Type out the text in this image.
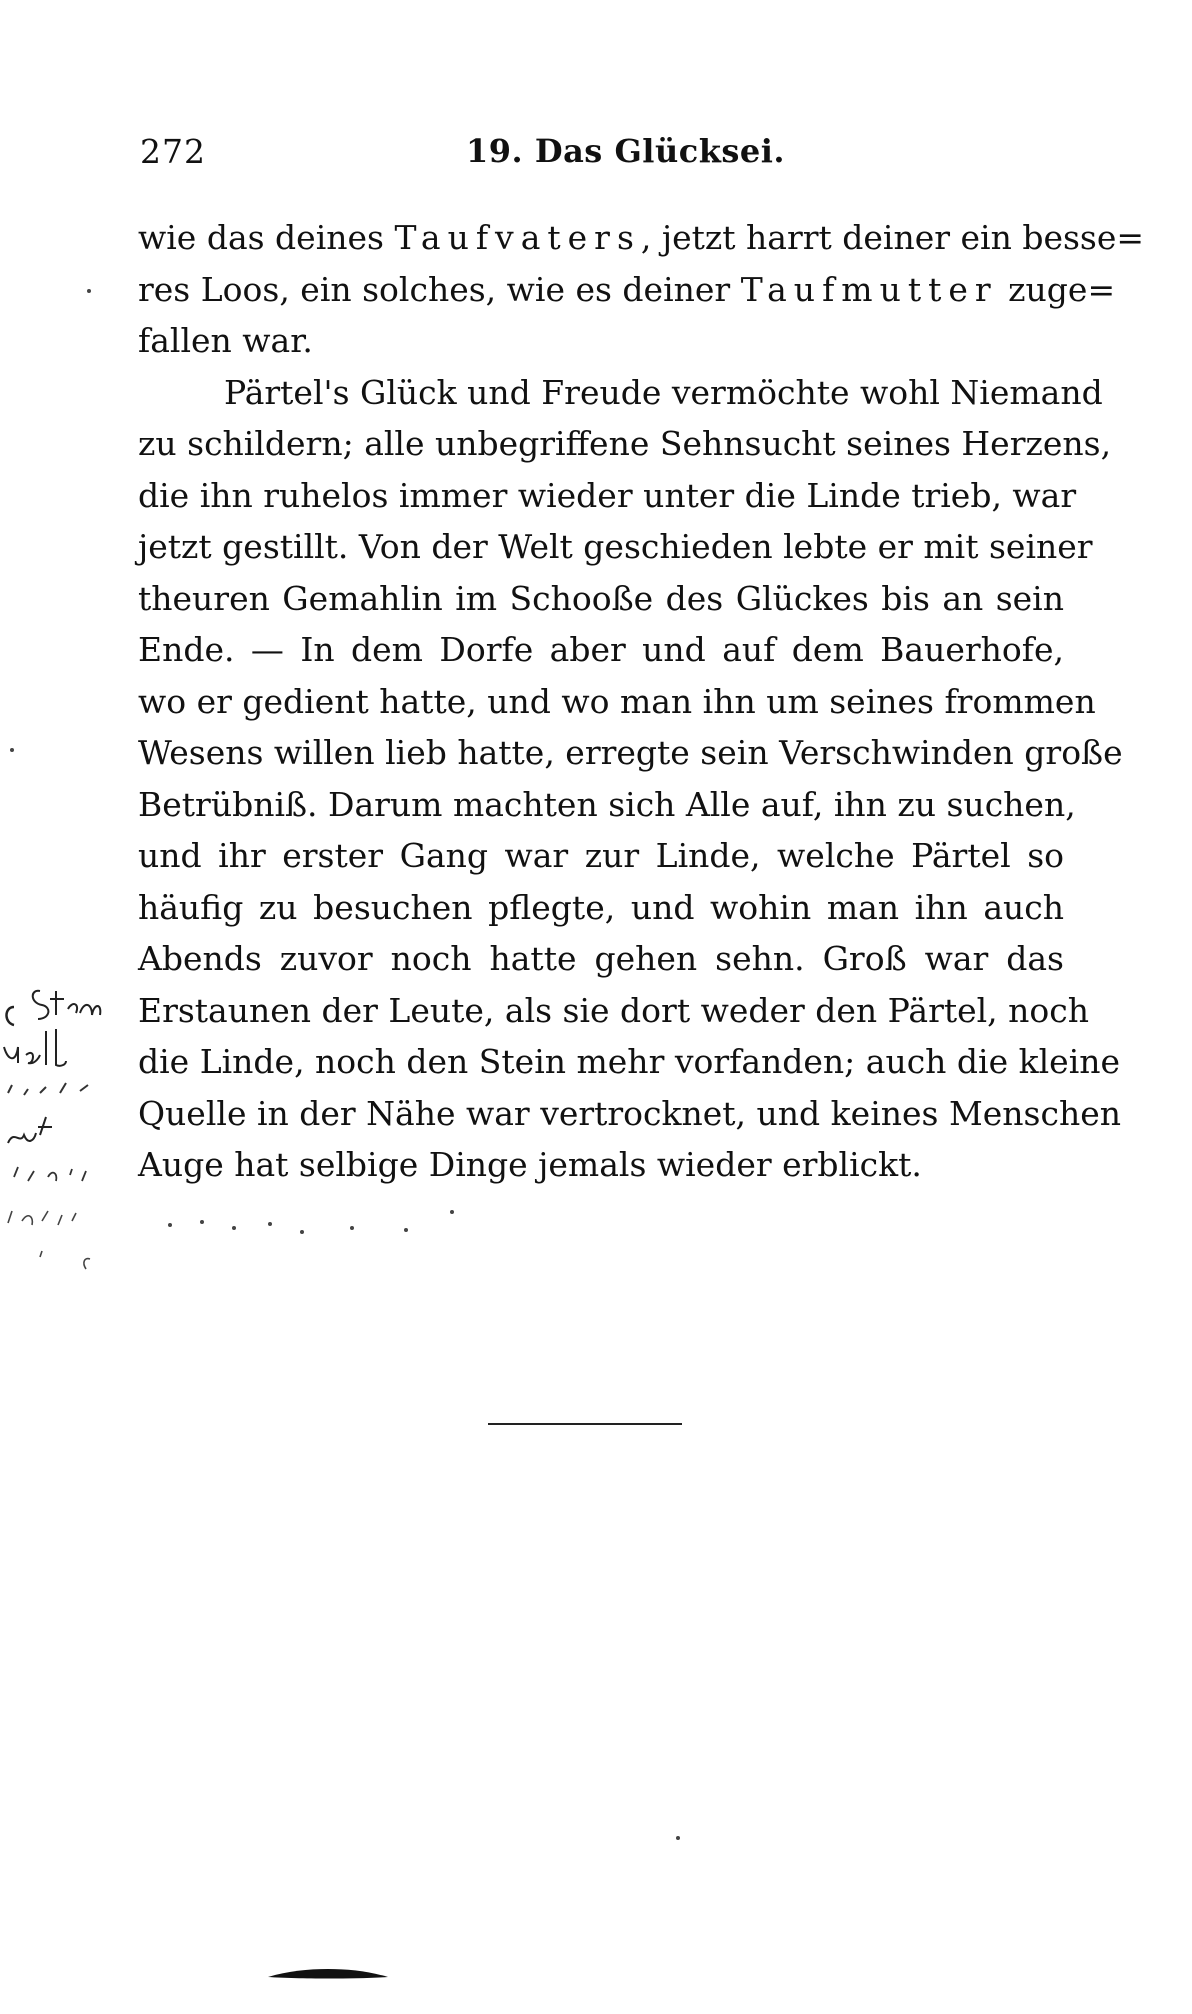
272	19. Das Glücksei.
wie das deines Taufvaters, jetzt harrt deiner ein besse=
res Loos, ein solches, wie es deiner Taufmutter zuge=
fallen war.
Pärtel's Glück und Freude vermöchte wohl Niemand
zu schildern; alle unbegriffene Sehnsucht seines Herzens,
die ihn ruhelos immer wieder unter die Linde trieb, war
jetzt gestillt. Von der Welt geschieden lebte er mit seiner
theuren Gemahlin im Schooße des Glückes bis an sein
Ende. — In dem Dorfe aber und auf dem Bauerhofe,
wo er gedient hatte, und wo man ihn um seines frommen
Wesens willen lieb hatte, erregte sein Verschwinden große
Betrübniß. Darum machten sich Alle auf, ihn zu suchen,
und ihr erster Gang war zur Linde, welche Pärtel so
häufig zu besuchen pflegte, und wohin man ihn auch
Abends zuvor noch hatte gehen sehn. Groß war das
Erstaunen der Leute, als sie dort weder den Pärtel, noch
die Linde, noch den Stein mehr vorfanden; auch die kleine
Quelle in der Nähe war vertrocknet, und keines Menschen
Auge hat selbige Dinge jemals wieder erblickt.
